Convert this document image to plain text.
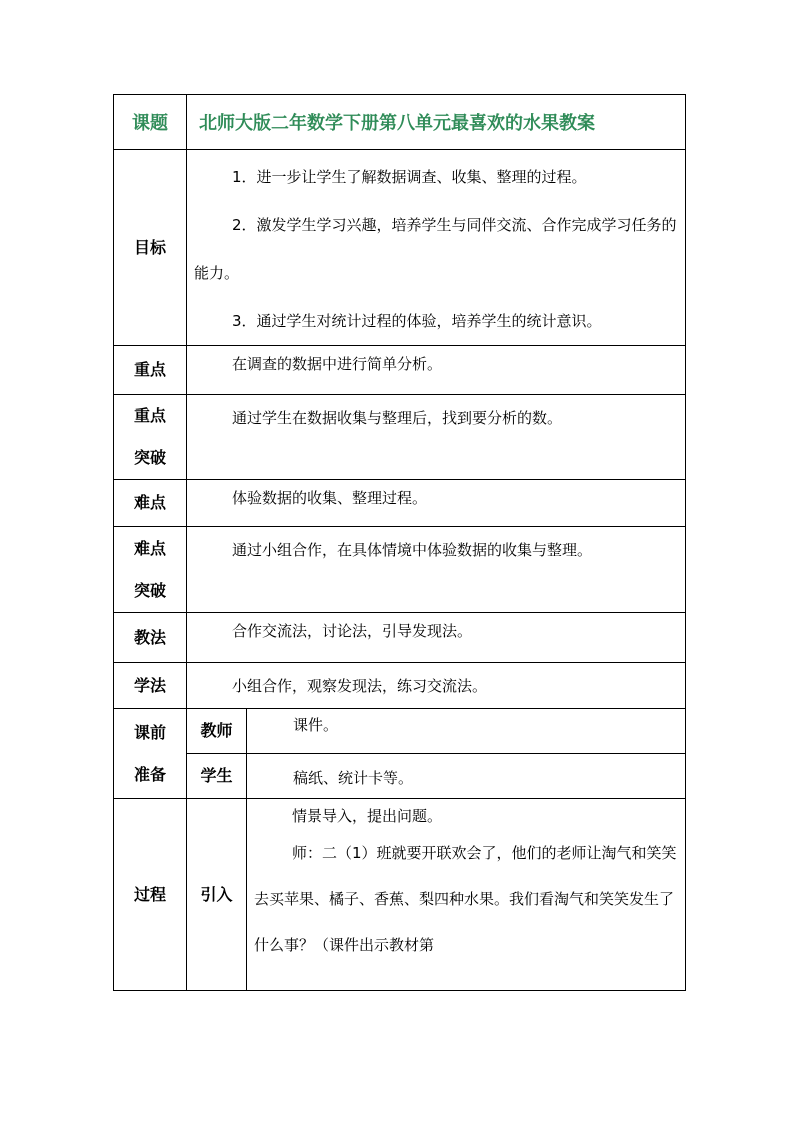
课题	北师大版二年数学下册第八单元最喜欢的水果教案	
目标	1．进一步让学生了解数据调查、收集、整理的过程。

2．激发学生学习兴趣，培养学生与同伴交流、合作完成学习任务的能力。

3．通过学生对统计过程的体验，培养学生的统计意识。	

重点	在调查的数据中进行简单分析。	

重点
突破	通过学生在数据收集与整理后，找到要分析的数。	

难点	体验数据的收集、整理过程。	

难点
突破	通过小组合作，在具体情境中体验数据的收集与整理。	

教法	合作交流法，讨论法，引导发现法。	

学法	小组合作，观察发现法，练习交流法。	

课前
准备	教师	课件。
	学生	稿纸、统计卡等。
过程	引入	情景导入，提出问题。

师：二（1）班就要开联欢会了，他们的老师让淘气和笑笑去买苹果、橘子、香蕉、梨四种水果。我们看淘气和笑笑发生了什么事？（课件出示教材第
